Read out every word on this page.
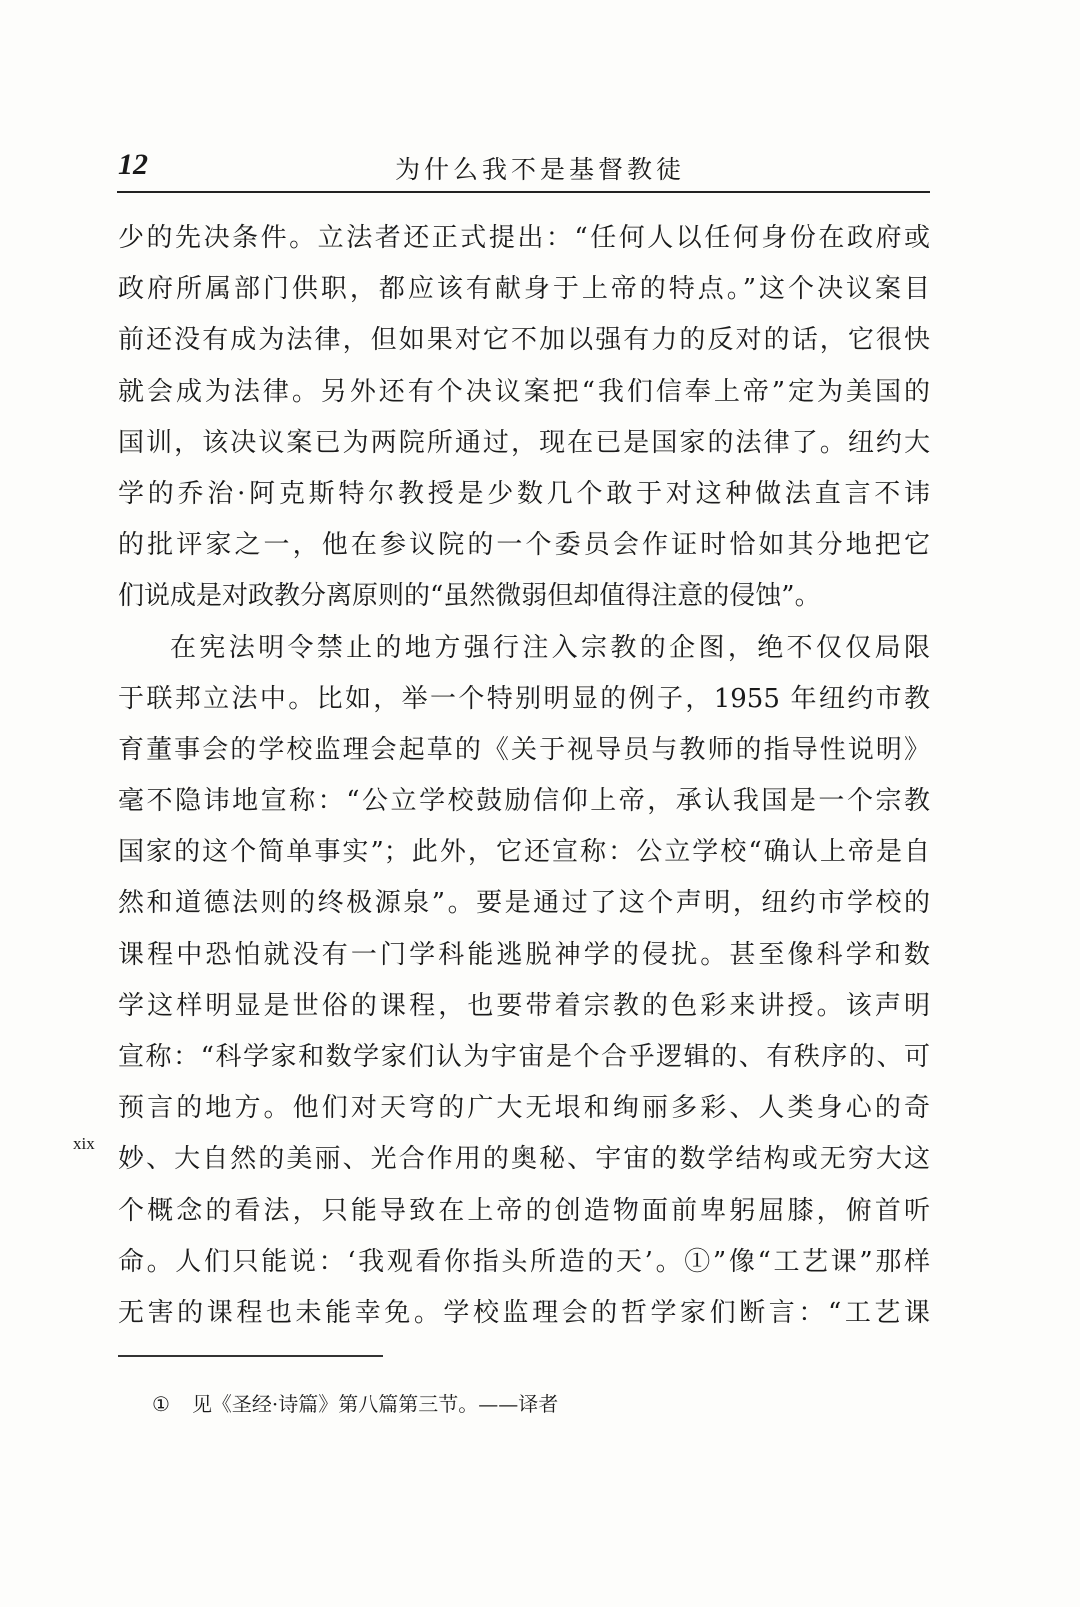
12	为什么我不是基督教徒
少的先决条件。立法者还正式提出：“任何人以任何身份在政府或
政府所属部门供职，都应该有献身于上帝的特点。”这个决议案目
前还没有成为法律，但如果对它不加以强有力的反对的话，它很快
就会成为法律。另外还有个决议案把“我们信奉上帝”定为美国的
国训，该决议案已为两院所通过，现在已是国家的法律了。纽约大
学的乔治·阿克斯特尔教授是少数几个敢于对这种做法直言不讳
的批评家之一，他在参议院的一个委员会作证时恰如其分地把它
们说成是对政教分离原则的“虽然微弱但却值得注意的侵蚀”。
在宪法明令禁止的地方强行注入宗教的企图，绝不仅仅局限
于联邦立法中。比如，举一个特别明显的例子，1955 年纽约市教
育董事会的学校监理会起草的《关于视导员与教师的指导性说明》
毫不隐讳地宣称：“公立学校鼓励信仰上帝，承认我国是一个宗教
国家的这个简单事实”；此外，它还宣称：公立学校“确认上帝是自
然和道德法则的终极源泉”。要是通过了这个声明，纽约市学校的
课程中恐怕就没有一门学科能逃脱神学的侵扰。甚至像科学和数
学这样明显是世俗的课程，也要带着宗教的色彩来讲授。该声明
宣称：“科学家和数学家们认为宇宙是个合乎逻辑的、有秩序的、可
预言的地方。他们对天穹的广大无垠和绚丽多彩、人类身心的奇
妙、大自然的美丽、光合作用的奥秘、宇宙的数学结构或无穷大这
个概念的看法，只能导致在上帝的创造物面前卑躬屈膝，俯首听
命。人们只能说：‘我观看你指头所造的天’。①”像“工艺课”那样
无害的课程也未能幸免。学校监理会的哲学家们断言：“工艺课
xix
① 见《圣经·诗篇》第八篇第三节。——译者
